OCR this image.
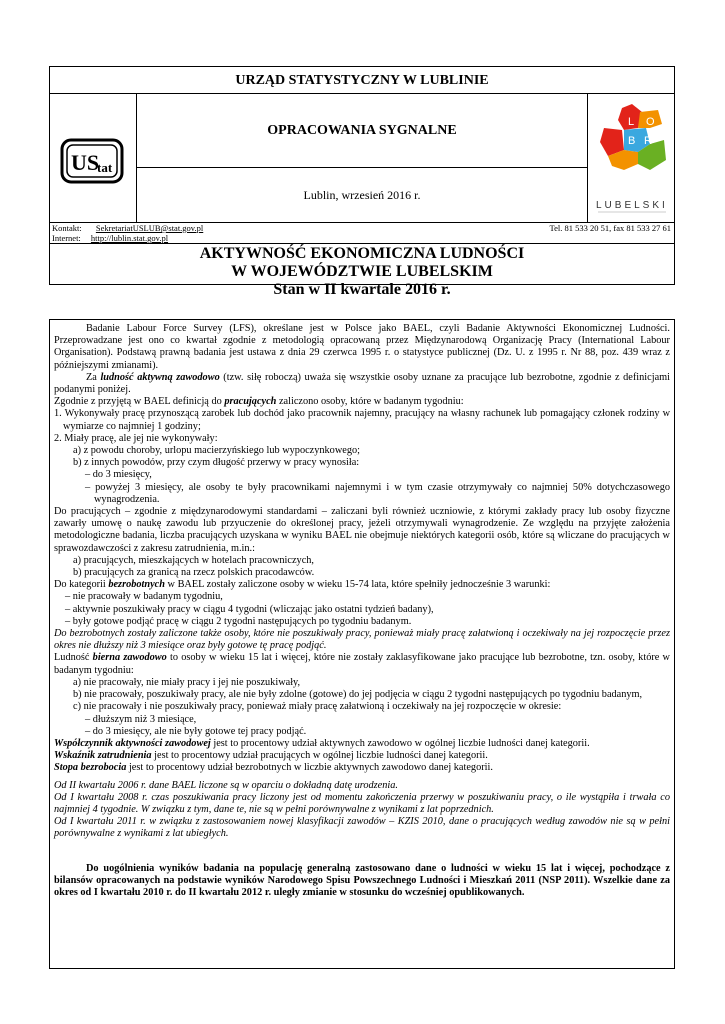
URZĄD STATYSTYCZNY W LUBLINIE
US
tat
OPRACOWANIA SYGNALNE
Lublin, wrzesień 2016 r.
L O
B R
LUBELSKI
Kontakt: SekretariatUSLUB@stat.gov.pl
Internet: http://lublin.stat.gov.pl
Tel. 81 533 20 51, fax 81 533 27 61
AKTYWNOŚĆ EKONOMICZNA LUDNOŚCI
W WOJEWÓDZTWIE LUBELSKIM
Stan w II kwartale 2016 r.

Badanie Labour Force Survey (LFS), określane jest w Polsce jako BAEL, czyli Badanie Aktywności Ekonomicznej Ludności. Przeprowadzane jest ono co kwartał zgodnie z metodologią opracowaną przez Międzynarodową Organizację Pracy (International Labour Organisation). Podstawą prawną badania jest ustawa z dnia 29 czerwca 1995 r. o statystyce publicznej (Dz. U. z 1995 r. Nr 88, poz. 439 wraz z późniejszymi zmianami).

Za ludność aktywną zawodowo (tzw. siłę roboczą) uważa się wszystkie osoby uznane za pracujące lub bezrobotne, zgodnie z definicjami podanymi poniżej.

Zgodnie z przyjętą w BAEL definicją do pracujących zaliczono osoby, które w badanym tygodniu:

1. Wykonywały pracę przynoszącą zarobek lub dochód jako pracownik najemny, pracujący na własny rachunek lub pomagający członek rodziny w wymiarze co najmniej 1 godziny;

2. Miały pracę, ale jej nie wykonywały:

a) z powodu choroby, urlopu macierzyńskiego lub wypoczynkowego;

b) z innych powodów, przy czym długość przerwy w pracy wynosiła:

– do 3 miesięcy,

– powyżej 3 miesięcy, ale osoby te były pracownikami najemnymi i w tym czasie otrzymywały co najmniej 50% dotychczasowego wynagrodzenia.

Do pracujących – zgodnie z międzynarodowymi standardami – zaliczani byli również uczniowie, z którymi zakłady pracy lub osoby fizyczne zawarły umowę o naukę zawodu lub przyuczenie do określonej pracy, jeżeli otrzymywali wynagrodzenie. Ze względu na przyjęte założenia metodologiczne badania, liczba pracujących uzyskana w wyniku BAEL nie obejmuje niektórych kategorii osób, które są wliczane do pracujących w sprawozdawczości z zakresu zatrudnienia, m.in.:

a) pracujących, mieszkających w hotelach pracowniczych,

b) pracujących za granicą na rzecz polskich pracodawców.

Do kategorii bezrobotnych w BAEL zostały zaliczone osoby w wieku 15-74 lata, które spełniły jednocześnie 3 warunki:

– nie pracowały w badanym tygodniu,

– aktywnie poszukiwały pracy w ciągu 4 tygodni (wliczając jako ostatni tydzień badany),

– były gotowe podjąć pracę w ciągu 2 tygodni następujących po tygodniu badanym.

Do bezrobotnych zostały zaliczone także osoby, które nie poszukiwały pracy, ponieważ miały pracę załatwioną i oczekiwały na jej rozpoczęcie przez okres nie dłuższy niż 3 miesiące oraz były gotowe tę pracę podjąć.

Ludność bierna zawodowo to osoby w wieku 15 lat i więcej, które nie zostały zaklasyfikowane jako pracujące lub bezrobotne, tzn. osoby, które w badanym tygodniu:

a) nie pracowały, nie miały pracy i jej nie poszukiwały,

b) nie pracowały, poszukiwały pracy, ale nie były zdolne (gotowe) do jej podjęcia w ciągu 2 tygodni następujących po tygodniu badanym,

c) nie pracowały i nie poszukiwały pracy, ponieważ miały pracę załatwioną i oczekiwały na jej rozpoczęcie w okresie:

– dłuższym niż 3 miesiące,

– do 3 miesięcy, ale nie były gotowe tej pracy podjąć.

Współczynnik aktywności zawodowej jest to procentowy udział aktywnych zawodowo w ogólnej liczbie ludności danej kategorii.

Wskaźnik zatrudnienia jest to procentowy udział pracujących w ogólnej liczbie ludności danej kategorii.

Stopa bezrobocia jest to procentowy udział bezrobotnych w liczbie aktywnych zawodowo danej kategorii.

Od II kwartału 2006 r. dane BAEL liczone są w oparciu o dokładną datę urodzenia.

Od I kwartału 2008 r. czas poszukiwania pracy liczony jest od momentu zakończenia przerwy w poszukiwaniu pracy, o ile wystąpiła i trwała co najmniej 4 tygodnie. W związku z tym, dane te, nie są w pełni porównywalne z wynikami z lat poprzednich.

Od I kwartału 2011 r. w związku z zastosowaniem nowej klasyfikacji zawodów – KZIS 2010, dane o pracujących według zawodów nie są w pełni porównywalne z wynikami z lat ubiegłych.

Do uogólnienia wyników badania na populację generalną zastosowano dane o ludności w wieku 15 lat i więcej, pochodzące z bilansów opracowanych na podstawie wyników Narodowego Spisu Powszechnego Ludności i Mieszkań 2011 (NSP 2011). Wszelkie dane za okres od I kwartału 2010 r. do II kwartału 2012 r. uległy zmianie w stosunku do wcześniej opublikowanych.
